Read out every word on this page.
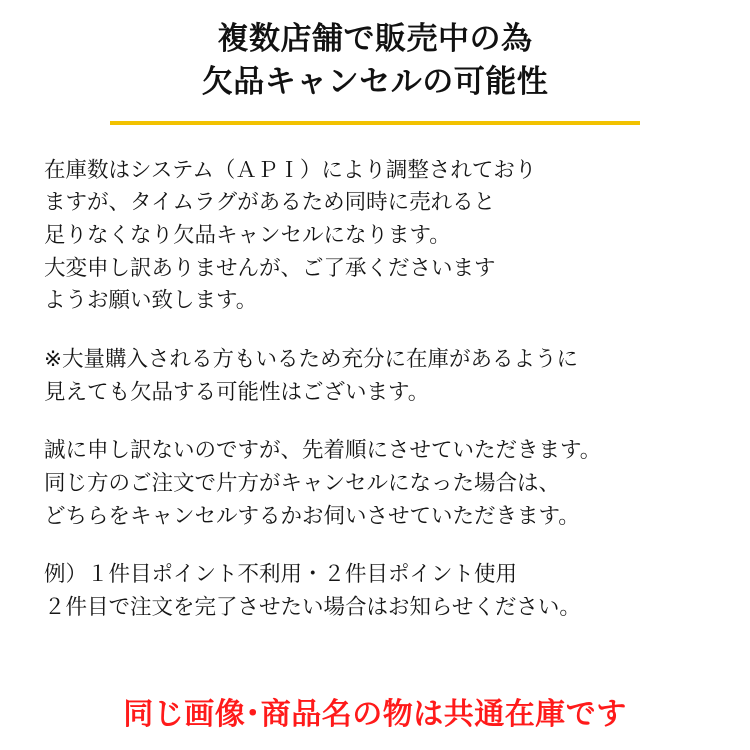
複数店舗で販売中の為
欠品キャンセルの可能性

在庫数はシステム（ＡＰＩ）により調整されており
ますが、タイムラグがあるため同時に売れると
足りなくなり欠品キャンセルになります。
大変申し訳ありませんが、ご了承くださいます
ようお願い致します。

※大量購入される方もいるため充分に在庫があるように
見えても欠品する可能性はございます。

誠に申し訳ないのですが、先着順にさせていただきます。
同じ方のご注文で片方がキャンセルになった場合は、
どちらをキャンセルするかお伺いさせていただきます。

例）１件目ポイント不利用・２件目ポイント使用
２件目で注文を完了させたい場合はお知らせください。

同じ画像･商品名の物は共通在庫です
